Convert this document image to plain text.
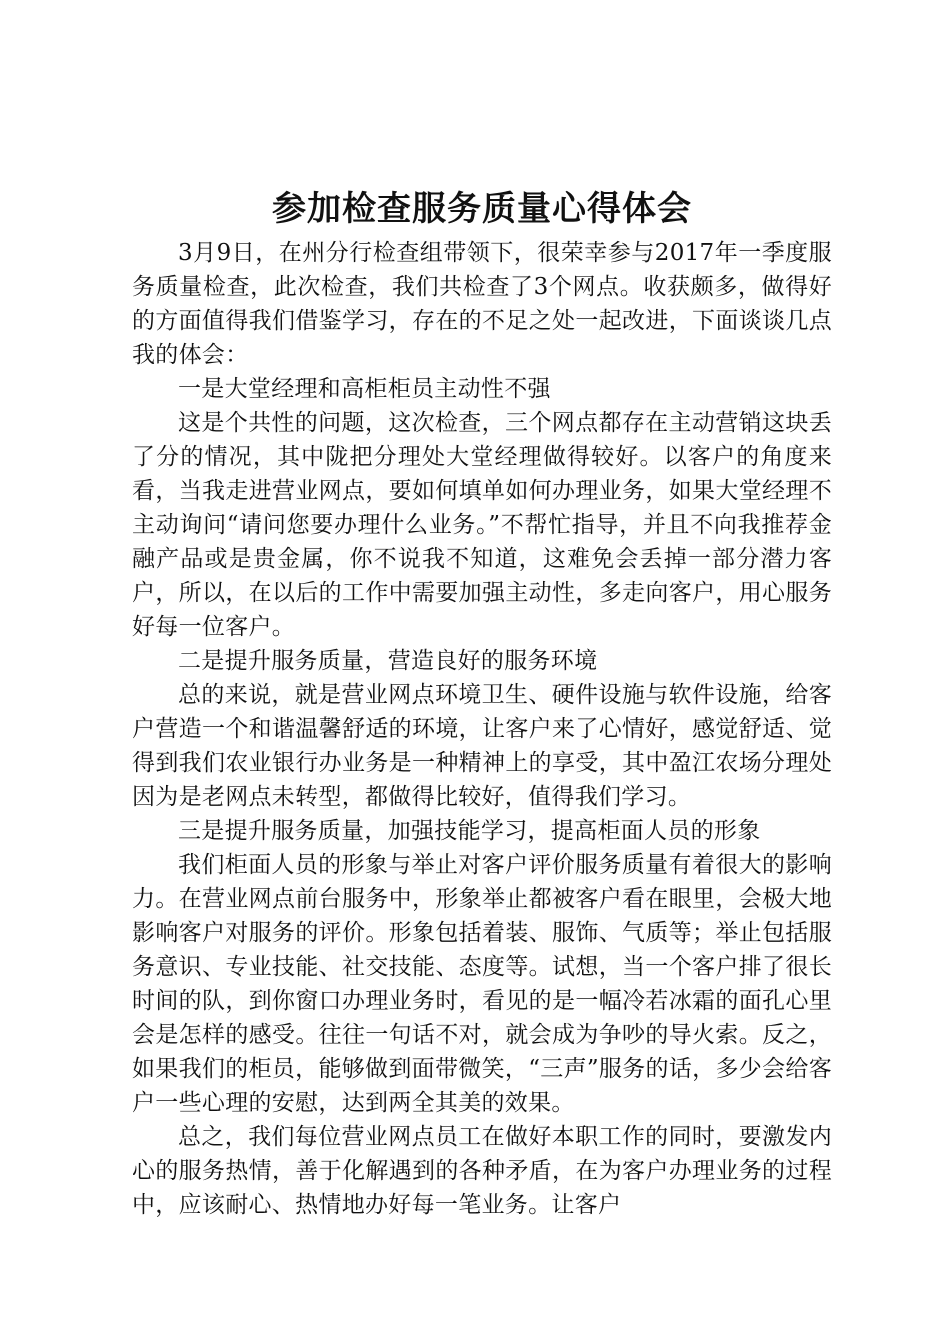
参加检查服务质量心得体会

3月9日，在州分行检查组带领下，很荣幸参与2017年一季度服务质量检查，此次检查，我们共检查了3个网点。收获颇多，做得好的方面值得我们借鉴学习，存在的不足之处一起改进，下面谈谈几点我的体会：

一是大堂经理和高柜柜员主动性不强

这是个共性的问题，这次检查，三个网点都存在主动营销这块丢了分的情况，其中陇把分理处大堂经理做得较好。以客户的角度来看，当我走进营业网点，要如何填单如何办理业务，如果大堂经理不主动询问“请问您要办理什么业务。”不帮忙指导，并且不向我推荐金融产品或是贵金属，你不说我不知道，这难免会丢掉一部分潜力客户，所以，在以后的工作中需要加强主动性，多走向客户，用心服务好每一位客户。

二是提升服务质量，营造良好的服务环境

总的来说，就是营业网点环境卫生、硬件设施与软件设施，给客户营造一个和谐温馨舒适的环境，让客户来了心情好，感觉舒适、觉得到我们农业银行办业务是一种精神上的享受，其中盈江农场分理处因为是老网点未转型，都做得比较好，值得我们学习。

三是提升服务质量，加强技能学习，提高柜面人员的形象

我们柜面人员的形象与举止对客户评价服务质量有着很大的影响力。在营业网点前台服务中，形象举止都被客户看在眼里，会极大地影响客户对服务的评价。形象包括着装、服饰、气质等；举止包括服务意识、专业技能、社交技能、态度等。试想，当一个客户排了很长时间的队，到你窗口办理业务时，看见的是一幅冷若冰霜的面孔心里会是怎样的感受。往往一句话不对，就会成为争吵的导火索。反之，如果我们的柜员，能够做到面带微笑，“三声”服务的话，多少会给客户一些心理的安慰，达到两全其美的效果。

总之，我们每位营业网点员工在做好本职工作的同时，要激发内心的服务热情，善于化解遇到的各种矛盾，在为客户办理业务的过程中，应该耐心、热情地办好每一笔业务。让客户
